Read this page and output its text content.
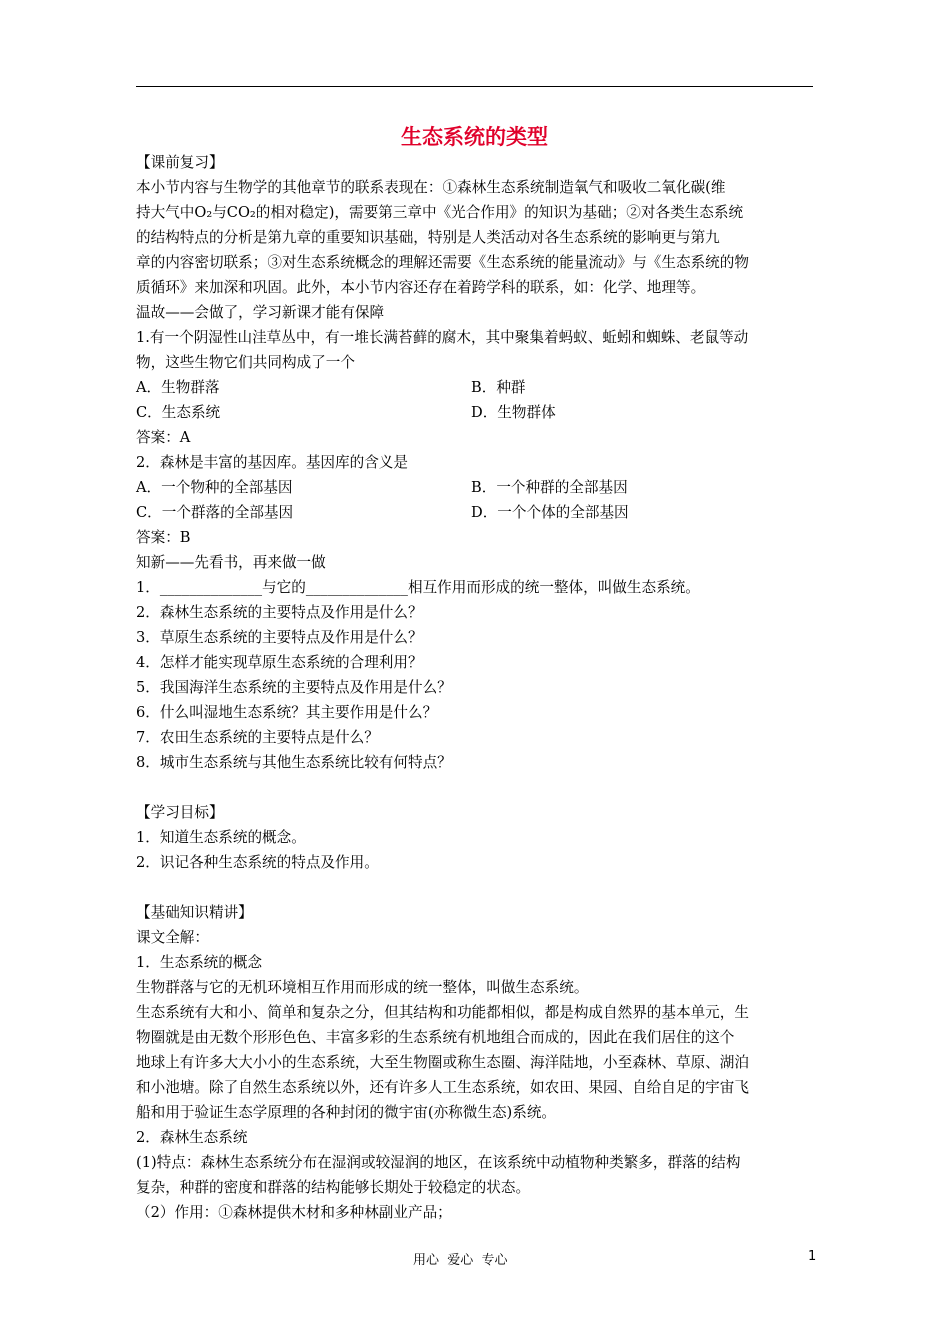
生态系统的类型
【课前复习】
本小节内容与生物学的其他章节的联系表现在：①森林生态系统制造氧气和吸收二氧化碳(维
持大气中O₂与CO₂的相对稳定)，需要第三章中《光合作用》的知识为基础；②对各类生态系统
的结构特点的分析是第九章的重要知识基础，特别是人类活动对各生态系统的影响更与第九
章的内容密切联系；③对生态系统概念的理解还需要《生态系统的能量流动》与《生态系统的物
质循环》来加深和巩固。此外，本小节内容还存在着跨学科的联系，如：化学、地理等。
温故——会做了，学习新课才能有保障
1.有一个阴湿性山洼草丛中，有一堆长满苔藓的腐木，其中聚集着蚂蚁、蚯蚓和蜘蛛、老鼠等动
物，这些生物它们共同构成了一个
A．生物群落	B．种群
C．生态系统	D．生物群体
答案：A
2．森林是丰富的基因库。基因库的含义是
A．一个物种的全部基因	B．一个种群的全部基因
C．一个群落的全部基因	D．一个个体的全部基因
答案：B
知新——先看书，再来做一做
1．______________与它的______________相互作用而形成的统一整体，叫做生态系统。
2．森林生态系统的主要特点及作用是什么？
3．草原生态系统的主要特点及作用是什么？
4．怎样才能实现草原生态系统的合理利用？
5．我国海洋生态系统的主要特点及作用是什么？
6．什么叫湿地生态系统？其主要作用是什么？
7．农田生态系统的主要特点是什么？
8．城市生态系统与其他生态系统比较有何特点？
【学习目标】
1．知道生态系统的概念。
2．识记各种生态系统的特点及作用。
【基础知识精讲】
课文全解：
1．生态系统的概念
生物群落与它的无机环境相互作用而形成的统一整体，叫做生态系统。
生态系统有大和小、简单和复杂之分，但其结构和功能都相似，都是构成自然界的基本单元，生
物圈就是由无数个形形色色、丰富多彩的生态系统有机地组合而成的，因此在我们居住的这个
地球上有许多大大小小的生态系统，大至生物圈或称生态圈、海洋陆地，小至森林、草原、湖泊
和小池塘。除了自然生态系统以外，还有许多人工生态系统，如农田、果园、自给自足的宇宙飞
船和用于验证生态学原理的各种封闭的微宇宙(亦称微生态)系统。
2．森林生态系统
(1)特点：森林生态系统分布在湿润或较湿润的地区，在该系统中动植物种类繁多，群落的结构
复杂，种群的密度和群落的结构能够长期处于较稳定的状态。
（2）作用：①森林提供木材和多种林副业产品；
用心  爱心  专心	1
